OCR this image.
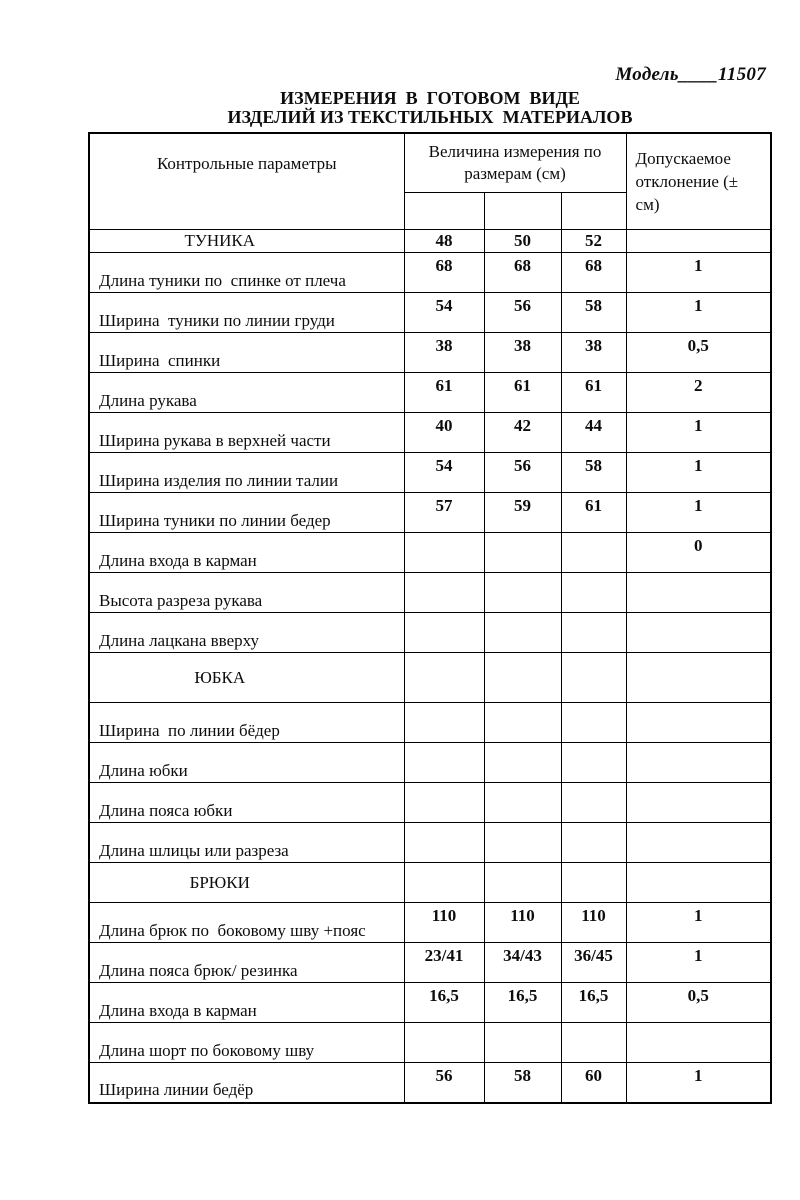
Модель____11507
ИЗМЕРЕНИЯ  В  ГОТОВОМ  ВИДЕ
ИЗДЕЛИЙ ИЗ ТЕКСТИЛЬНЫХ  МАТЕРИАЛОВ
Контрольные параметры	Величина измерения по размерам (см)			Допускаемое отклонение (± см)

ТУНИКА	48	50	52	
Длина туники по  спинке от плеча	68	68	68	1
Ширина  туники по линии груди	54	56	58	1
Ширина  спинки	38	38	38	0,5
Длина рукава	61	61	61	2
Ширина рукава в верхней части	40	42	44	1
Ширина изделия по линии талии	54	56	58	1
Ширина туники по линии бедер	57	59	61	1
Длина входа в карман				0
Высота разреза рукава				
Длина лацкана вверху				
ЮБКА				
Ширина  по линии бёдер				
Длина юбки				
Длина пояса юбки				
Длина шлицы или разреза				
БРЮКИ				
Длина брюк по  боковому шву +пояс	110	110	110	1
Длина пояса брюк/ резинка	23/41	34/43	36/45	1
Длина входа в карман	16,5	16,5	16,5	0,5
Длина шорт по боковому шву				
Ширина линии бедёр	56	58	60	1
